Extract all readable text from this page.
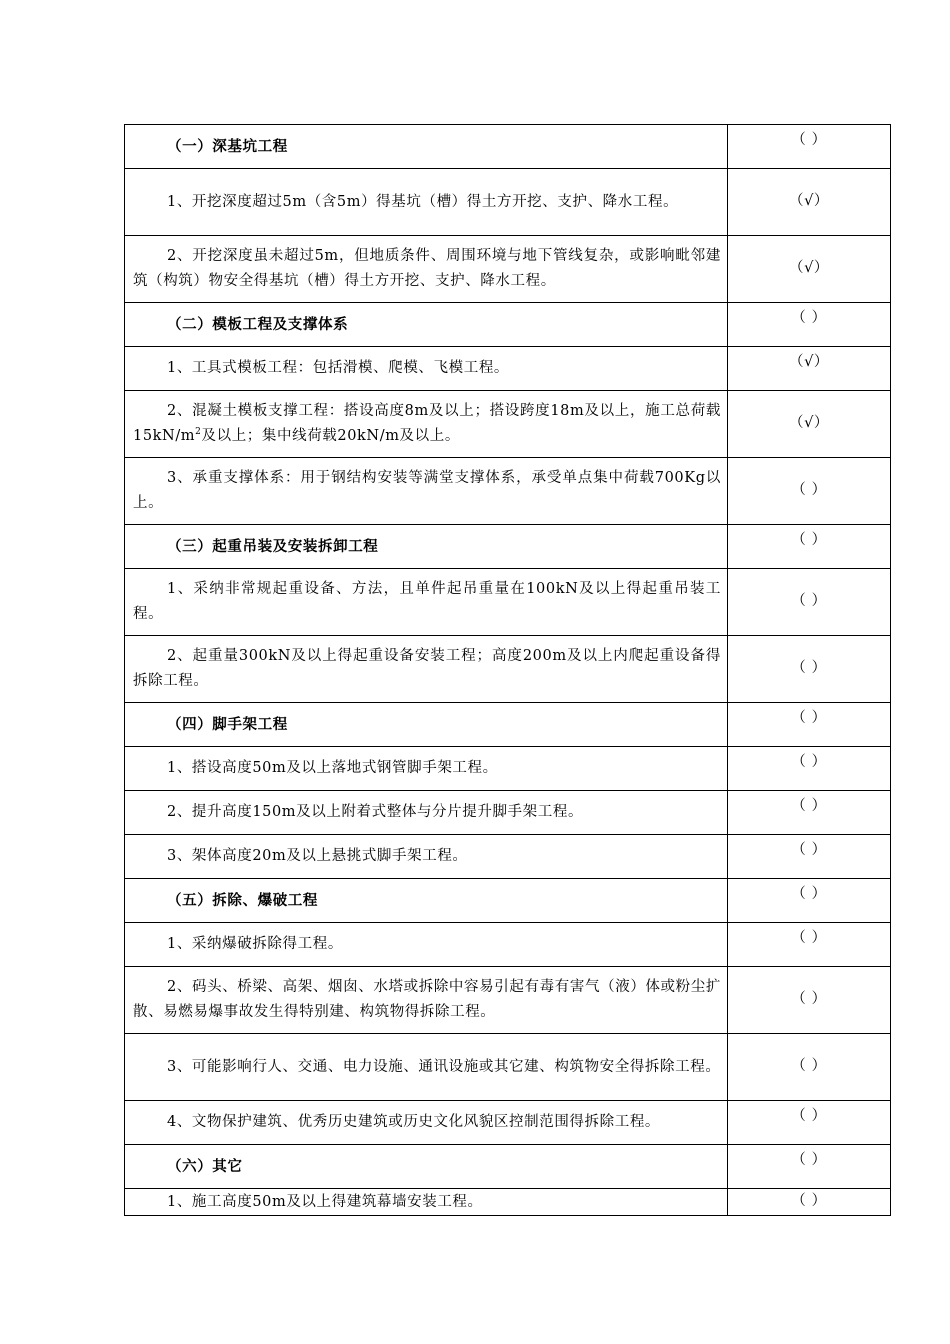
（一）深基坑工程	（ ）
1、开挖深度超过5m（含5m）得基坑（槽）得土方开挖、支护、降水工程。	（√）
2、开挖深度虽未超过5m，但地质条件、周围环境与地下管线复杂，或影响毗邻建筑（构筑）物安全得基坑（槽）得土方开挖、支护、降水工程。	（√）
（二）模板工程及支撑体系	（ ）
1、工具式模板工程：包括滑模、爬模、飞模工程。	（√）
2、混凝土模板支撑工程：搭设高度8m及以上；搭设跨度18m及以上，施工总荷载$15kN/m^2$及以上；集中线荷载20kN/m及以上。	（√）
3、承重支撑体系：用于钢结构安装等满堂支撑体系，承受单点集中荷载700Kg以上。	（ ）
（三）起重吊装及安装拆卸工程	（ ）
1、采纳非常规起重设备、方法，且单件起吊重量在100kN及以上得起重吊装工程。	（ ）
2、起重量300kN及以上得起重设备安装工程；高度200m及以上内爬起重设备得拆除工程。	（ ）
（四）脚手架工程	（ ）
1、搭设高度50m及以上落地式钢管脚手架工程。	（ ）
2、提升高度150m及以上附着式整体与分片提升脚手架工程。	（ ）
3、架体高度20m及以上悬挑式脚手架工程。	（ ）
（五）拆除、爆破工程	（ ）
1、采纳爆破拆除得工程。	（ ）
2、码头、桥梁、高架、烟囱、水塔或拆除中容易引起有毒有害气（液）体或粉尘扩散、易燃易爆事故发生得特别建、构筑物得拆除工程。	（ ）
3、可能影响行人、交通、电力设施、通讯设施或其它建、构筑物安全得拆除工程。	（ ）
4、文物保护建筑、优秀历史建筑或历史文化风貌区控制范围得拆除工程。	（ ）
（六）其它	（ ）
1、施工高度50m及以上得建筑幕墙安装工程。	（ ）
